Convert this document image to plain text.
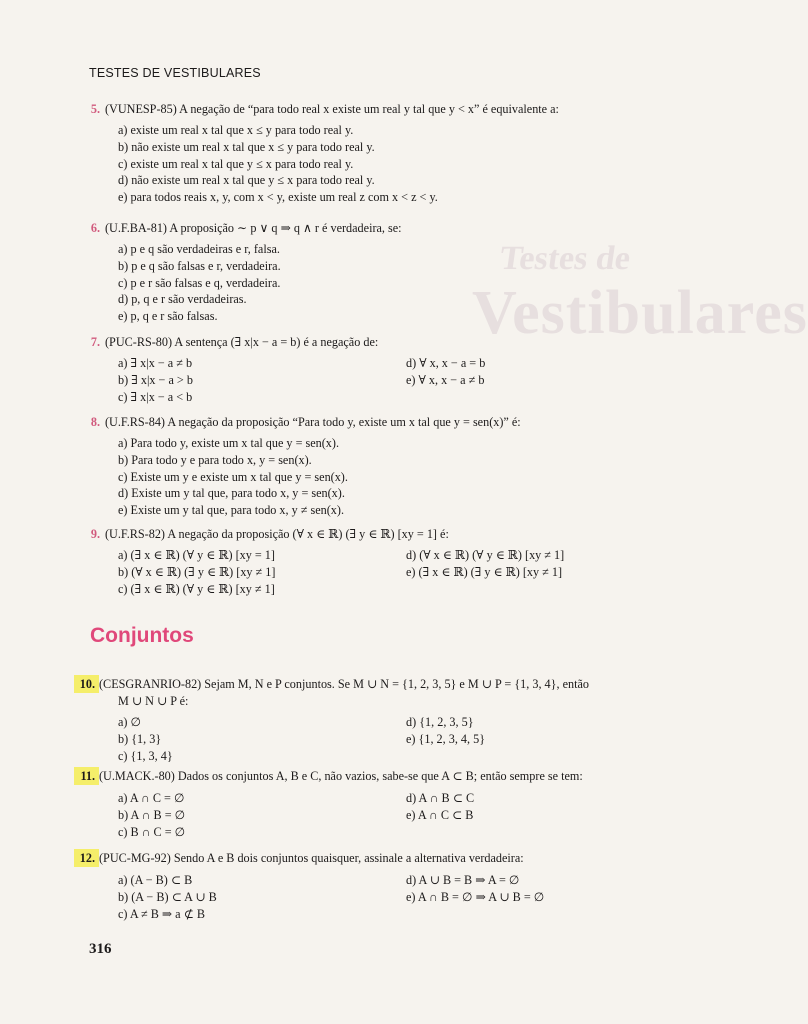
Testes de
Vestibulares
TESTES DE VESTIBULARES
5. (VUNESP-85) A negação de “para todo real x existe um real y tal que y < x” é equivalente a:
a) existe um real x tal que x ≤ y para todo real y.
b) não existe um real x tal que x ≤ y para todo real y.
c) existe um real x tal que y ≤ x para todo real y.
d) não existe um real x tal que y ≤ x para todo real y.
e) para todos reais x, y, com x < y, existe um real z com x < z < y.
6. (U.F.BA-81) A proposição ∼ p ∨ q ⇒ q ∧ r é verdadeira, se:
a) p e q são verdadeiras e r, falsa.
b) p e q são falsas e r, verdadeira.
c) p e r são falsas e q, verdadeira.
d) p, q e r são verdadeiras.
e) p, q e r são falsas.
7. (PUC-RS-80) A sentença (∃ x|x − a = b) é a negação de:
a) ∃ x|x − a ≠ b	d) ∀ x, x − a = b
b) ∃ x|x − a > b	e) ∀ x, x − a ≠ b
c) ∃ x|x − a < b
8. (U.F.RS-84) A negação da proposição “Para todo y, existe um x tal que y = sen(x)” é:
a) Para todo y, existe um x tal que y = sen(x).
b) Para todo y e para todo x, y = sen(x).
c) Existe um y e existe um x tal que y = sen(x).
d) Existe um y tal que, para todo x, y = sen(x).
e) Existe um y tal que, para todo x, y ≠ sen(x).
9. (U.F.RS-82) A negação da proposição (∀ x ∈ ℝ) (∃ y ∈ ℝ) [xy = 1] é:
a) (∃ x ∈ ℝ) (∀ y ∈ ℝ) [xy = 1]	d) (∀ x ∈ ℝ) (∀ y ∈ ℝ) [xy ≠ 1]
b) (∀ x ∈ ℝ) (∃ y ∈ ℝ) [xy ≠ 1]	e) (∃ x ∈ ℝ) (∃ y ∈ ℝ) [xy ≠ 1]
c) (∃ x ∈ ℝ) (∀ y ∈ ℝ) [xy ≠ 1]
Conjuntos
10. (CESGRANRIO-82) Sejam M, N e P conjuntos. Se M ∪ N = {1, 2, 3, 5} e M ∪ P = {1, 3, 4}, então
M ∪ N ∪ P é:
a) ∅	d) {1, 2, 3, 5}
b) {1, 3}	e) {1, 2, 3, 4, 5}
c) {1, 3, 4}
11. (U.MACK.-80) Dados os conjuntos A, B e C, não vazios, sabe-se que A ⊂ B; então sempre se tem:
a) A ∩ C = ∅	d) A ∩ B ⊂ C
b) A ∩ B = ∅	e) A ∩ C ⊂ B
c) B ∩ C = ∅
12. (PUC-MG-92) Sendo A e B dois conjuntos quaisquer, assinale a alternativa verdadeira:
a) (A − B) ⊂ B	d) A ∪ B = B ⇒ A = ∅
b) (A − B) ⊂ A ∪ B	e) A ∩ B = ∅ ⇒ A ∪ B = ∅
c) A ≠ B ⇒ a ⊄ B
316
